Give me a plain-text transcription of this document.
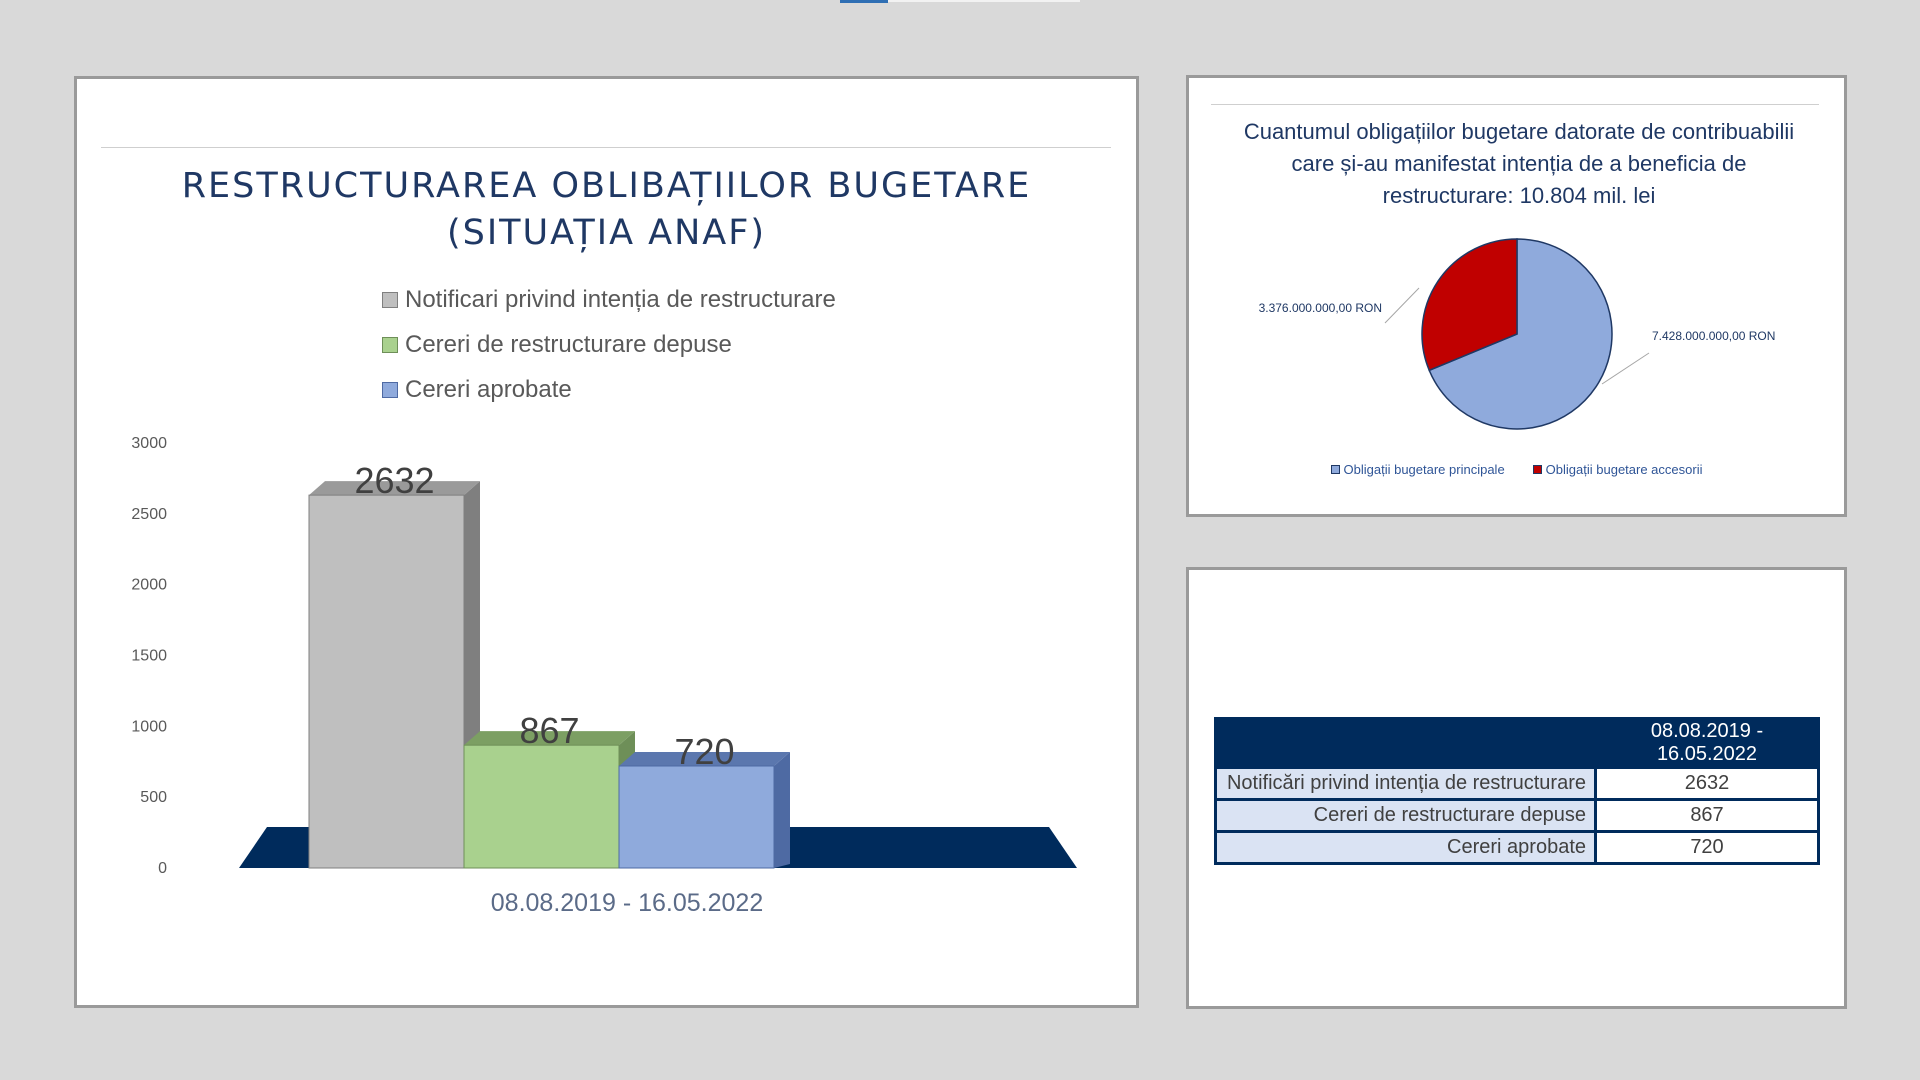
RESTRUCTURAREA OBLIBAȚIILOR BUGETARE
(SITUAȚIA ANAF)
Notificari privind intenția de restructurare
Cereri de restructurare depuse
Cereri aprobate
0
500
1000
1500
2000
2500
3000
2632
867
720
08.08.2019 - 16.05.2022
Cuantumul obligațiilor bugetare datorate de contribuabilii care și-au manifestat intenția de a beneficia de restructurare: 10.804 mil. lei
7.428.000.000,00 RON
3.376.000.000,00 RON
Obligații bugetare principale	Obligații bugetare accesorii
	08.08.2019 - 16.05.2022
Notificări privind intenția de restructurare	2632
Cereri de restructurare depuse	867
Cereri aprobate	720
